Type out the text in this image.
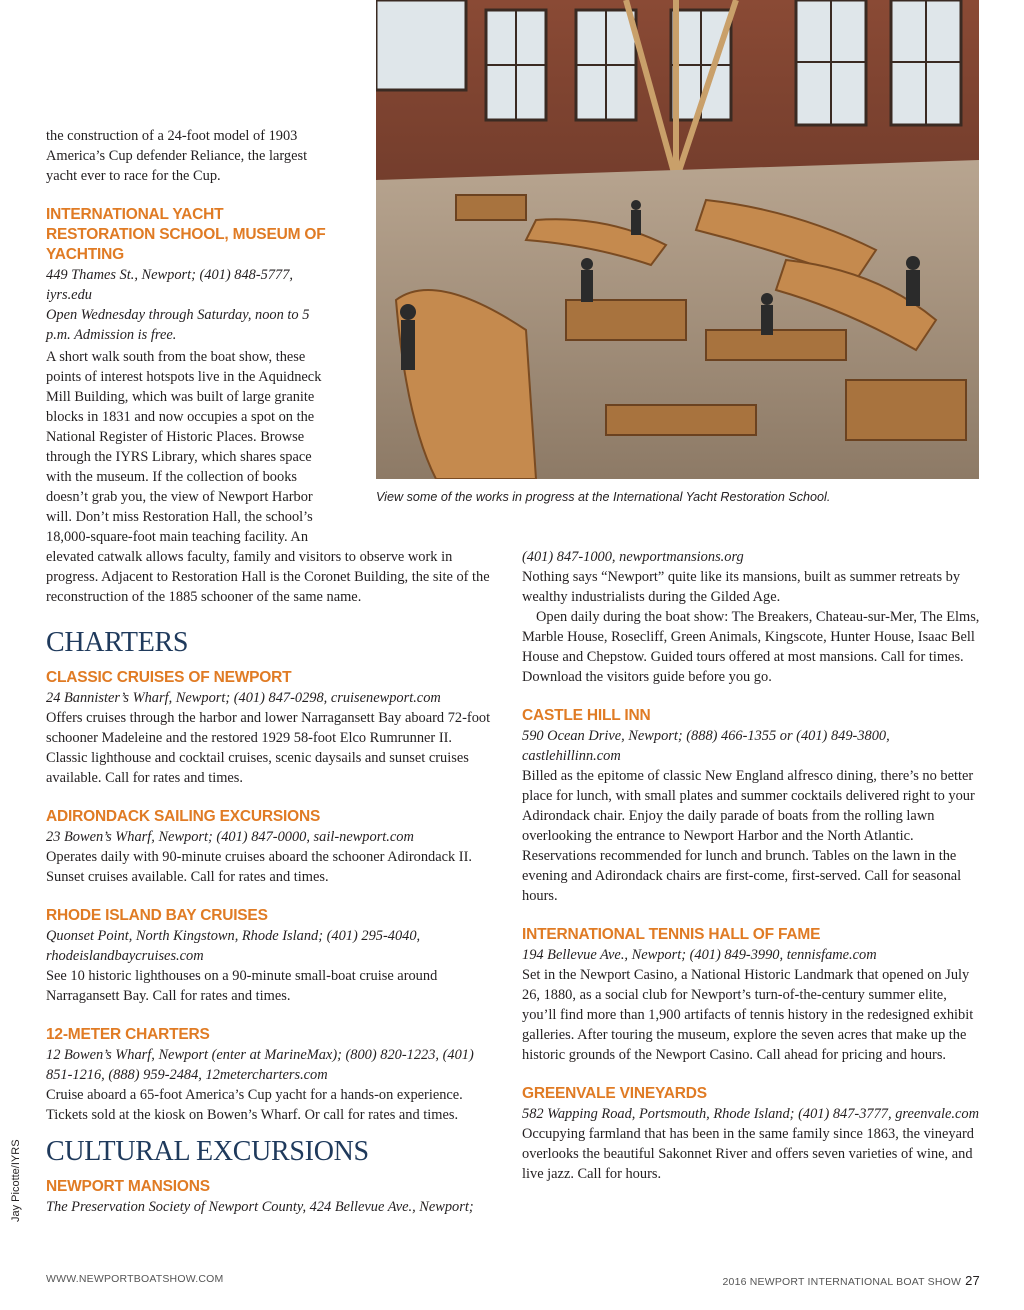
View some of the works in progress at the International Yacht Restoration School.
Jay Picotte/IYRS

the construction of a 24-foot model of 1903 America’s Cup defender Reliance, the largest yacht ever to race for the Cup.

INTERNATIONAL YACHT RESTORATION SCHOOL, MUSEUM OF YACHTING

449 Thames St., Newport; (401) 848-5777, iyrs.edu

Open Wednesday through Saturday, noon to 5 p.m. Admission is free.

A short walk south from the boat show, these points of interest hotspots live in the Aquidneck Mill Building, which was built of large granite blocks in 1831 and now occupies a spot on the National Register of Historic Places. Browse through the IYRS Library, which shares space with the museum. If the collection of books doesn’t grab you, the view of Newport Harbor will. Don’t miss Restoration Hall, the school’s 18,000-square-foot main teaching facility. An elevated catwalk allows faculty, family and visitors to observe work in progress. Adjacent to Restoration Hall is the Coronet Building, the site of the reconstruction of the 1885 schooner of the same name.

CHARTERS

CLASSIC CRUISES OF NEWPORT

24 Bannister’s Wharf, Newport; (401) 847-0298, cruisenewport.com

Offers cruises through the harbor and lower Narragansett Bay aboard 72-foot schooner Madeleine and the restored 1929 58-foot Elco Rumrunner II. Classic lighthouse and cocktail cruises, scenic daysails and sunset cruises available. Call for rates and times.

ADIRONDACK SAILING EXCURSIONS

23 Bowen’s Wharf, Newport; (401) 847-0000, sail-newport.com

Operates daily with 90-minute cruises aboard the schooner Adirondack II. Sunset cruises available. Call for rates and times.

RHODE ISLAND BAY CRUISES

Quonset Point, North Kingstown, Rhode Island; (401) 295-4040, rhodeislandbaycruises.com

See 10 historic lighthouses on a 90-minute small-boat cruise around Narragansett Bay. Call for rates and times.

12-METER CHARTERS

12 Bowen’s Wharf, Newport (enter at MarineMax); (800) 820-1223, (401) 851-1216, (888) 959-2484, 12metercharters.com

Cruise aboard a 65-foot America’s Cup yacht for a hands-on experience. Tickets sold at the kiosk on Bowen’s Wharf. Or call for rates and times.

CULTURAL EXCURSIONS

NEWPORT MANSIONS

The Preservation Society of Newport County, 424 Bellevue Ave., Newport;

(401) 847-1000, newportmansions.org

Nothing says “Newport” quite like its mansions, built as summer retreats by wealthy industrialists during the Gilded Age.

Open daily during the boat show: The Breakers, Chateau-sur-Mer, The Elms, Marble House, Rosecliff, Green Animals, Kingscote, Hunter House, Isaac Bell House and Chepstow. Guided tours offered at most mansions. Call for times. Download the visitors guide before you go.

CASTLE HILL INN

590 Ocean Drive, Newport; (888) 466-1355 or (401) 849-3800, castlehillinn.com

Billed as the epitome of classic New England alfresco dining, there’s no better place for lunch, with small plates and summer cocktails delivered right to your Adirondack chair. Enjoy the daily parade of boats from the rolling lawn overlooking the entrance to Newport Harbor and the North Atlantic. Reservations recommended for lunch and brunch. Tables on the lawn in the evening and Adirondack chairs are first-come, first-served. Call for seasonal hours.

INTERNATIONAL TENNIS HALL OF FAME

194 Bellevue Ave., Newport; (401) 849-3990, tennisfame.com

Set in the Newport Casino, a National Historic Landmark that opened on July 26, 1880, as a social club for Newport’s turn-of-the-century summer elite, you’ll find more than 1,900 artifacts of tennis history in the redesigned exhibit galleries. After touring the museum, explore the seven acres that make up the historic grounds of the Newport Casino. Call ahead for pricing and hours.

GREENVALE VINEYARDS

582 Wapping Road, Portsmouth, Rhode Island; (401) 847-3777, greenvale.com

Occupying farmland that has been in the same family since 1863, the vineyard overlooks the beautiful Sakonnet River and offers seven varieties of wine, and live jazz. Call for hours.

WWW.NEWPORTBOATSHOW.COM	2016 NEWPORT INTERNATIONAL BOAT SHOW 27
